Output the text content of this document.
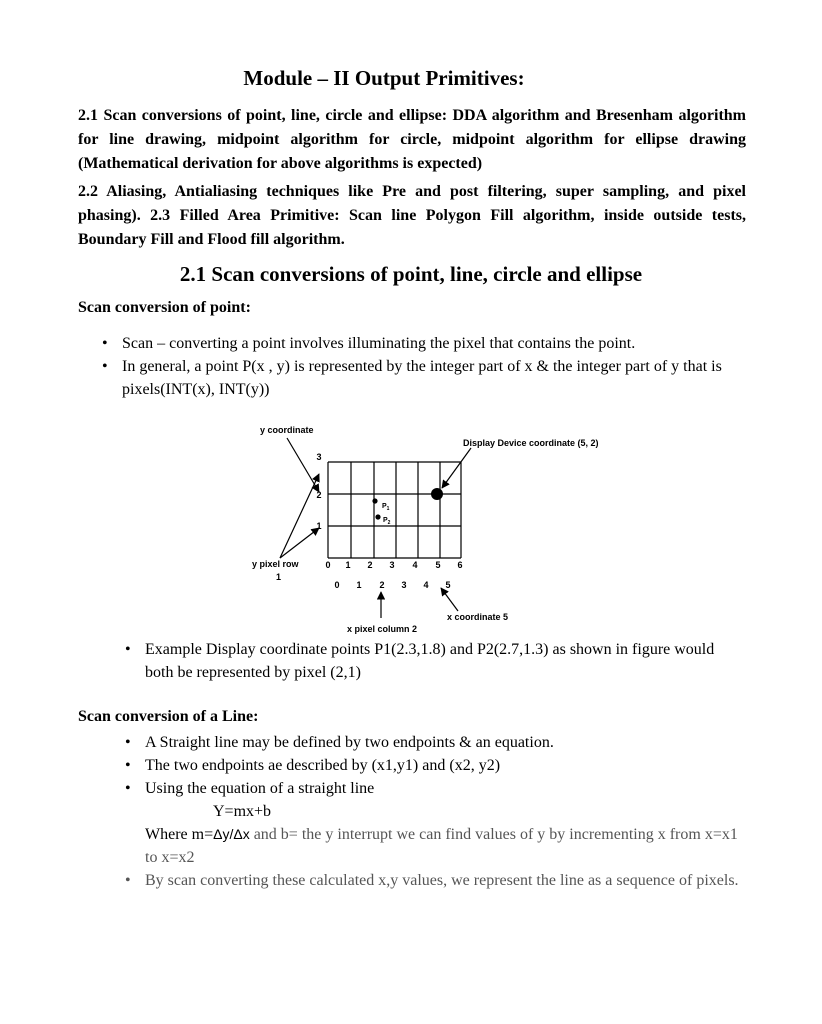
Module – II Output Primitives:

2.1 Scan conversions of point, line, circle and ellipse: DDA algorithm and Bresenham algorithm for line drawing, midpoint algorithm for circle, midpoint algorithm for ellipse drawing (Mathematical derivation for above algorithms is expected)

2.2 Aliasing, Antialiasing techniques like Pre and post filtering, super sampling, and pixel phasing). 2.3 Filled Area Primitive: Scan line Polygon Fill algorithm, inside outside tests, Boundary Fill and Flood fill algorithm.

2.1 Scan conversions of point, line, circle and ellipse

Scan conversion of point:

• Scan – converting a point involves illuminating the pixel that contains the point.
• In general, a point P(x , y) is represented by the integer part of x & the integer part of y that is pixels(INT(x), INT(y))
3
2
1
0 1 2 3 4 5 6
0 1 2 3 4 5
$P_1$
$P_2$
y coordinate
Display Device coordinate (5, 2)
y pixel row
1
x coordinate 5
x pixel column 2
• Example Display coordinate points P1(2.3,1.8) and P2(2.7,1.3) as shown in figure would both be represented by pixel (2,1)

Scan conversion of a Line:

• A Straight line may be defined by two endpoints & an equation.
• The two endpoints ae described by (x1,y1) and (x2, y2)
• Using the equation of a straight line
Y=mx+b
Where m=Δy/Δx and b= the y interrupt we can find values of y by incrementing x from x=x1 to x=x2
• By scan converting these calculated x,y values, we represent the line as a sequence of pixels.
